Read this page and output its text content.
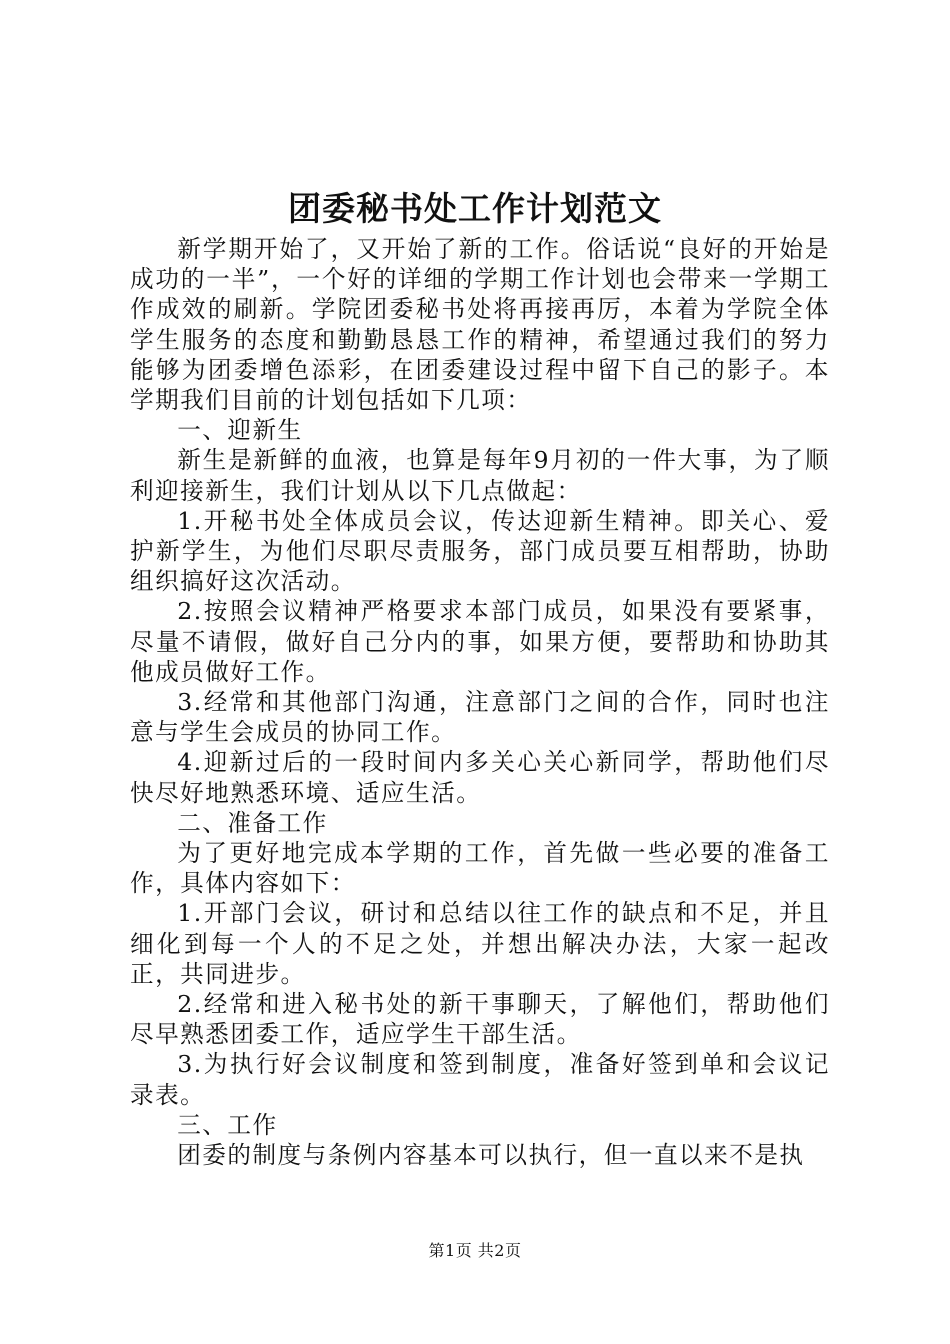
团委秘书处工作计划范文

新学期开始了，又开始了新的工作。俗话说“良好的开始是成功的一半”，一个好的详细的学期工作计划也会带来一学期工作成效的刷新。学院团委秘书处将再接再厉，本着为学院全体学生服务的态度和勤勤恳恳工作的精神，希望通过我们的努力能够为团委增色添彩，在团委建设过程中留下自己的影子。本学期我们目前的计划包括如下几项：

一、迎新生

新生是新鲜的血液，也算是每年9月初的一件大事，为了顺利迎接新生，我们计划从以下几点做起：

1.开秘书处全体成员会议，传达迎新生精神。即关心、爱护新学生，为他们尽职尽责服务，部门成员要互相帮助，协助组织搞好这次活动。

2.按照会议精神严格要求本部门成员，如果没有要紧事，尽量不请假，做好自己分内的事，如果方便，要帮助和协助其他成员做好工作。

3.经常和其他部门沟通，注意部门之间的合作，同时也注意与学生会成员的协同工作。

4.迎新过后的一段时间内多关心关心新同学，帮助他们尽快尽好地熟悉环境、适应生活。

二、准备工作

为了更好地完成本学期的工作，首先做一些必要的准备工作，具体内容如下：

1.开部门会议，研讨和总结以往工作的缺点和不足，并且细化到每一个人的不足之处，并想出解决办法，大家一起改正，共同进步。

2.经常和进入秘书处的新干事聊天，了解他们，帮助他们尽早熟悉团委工作，适应学生干部生活。

3.为执行好会议制度和签到制度，准备好签到单和会议记录表。

三、工作

团委的制度与条例内容基本可以执行，但一直以来不是执

第1页 共2页
